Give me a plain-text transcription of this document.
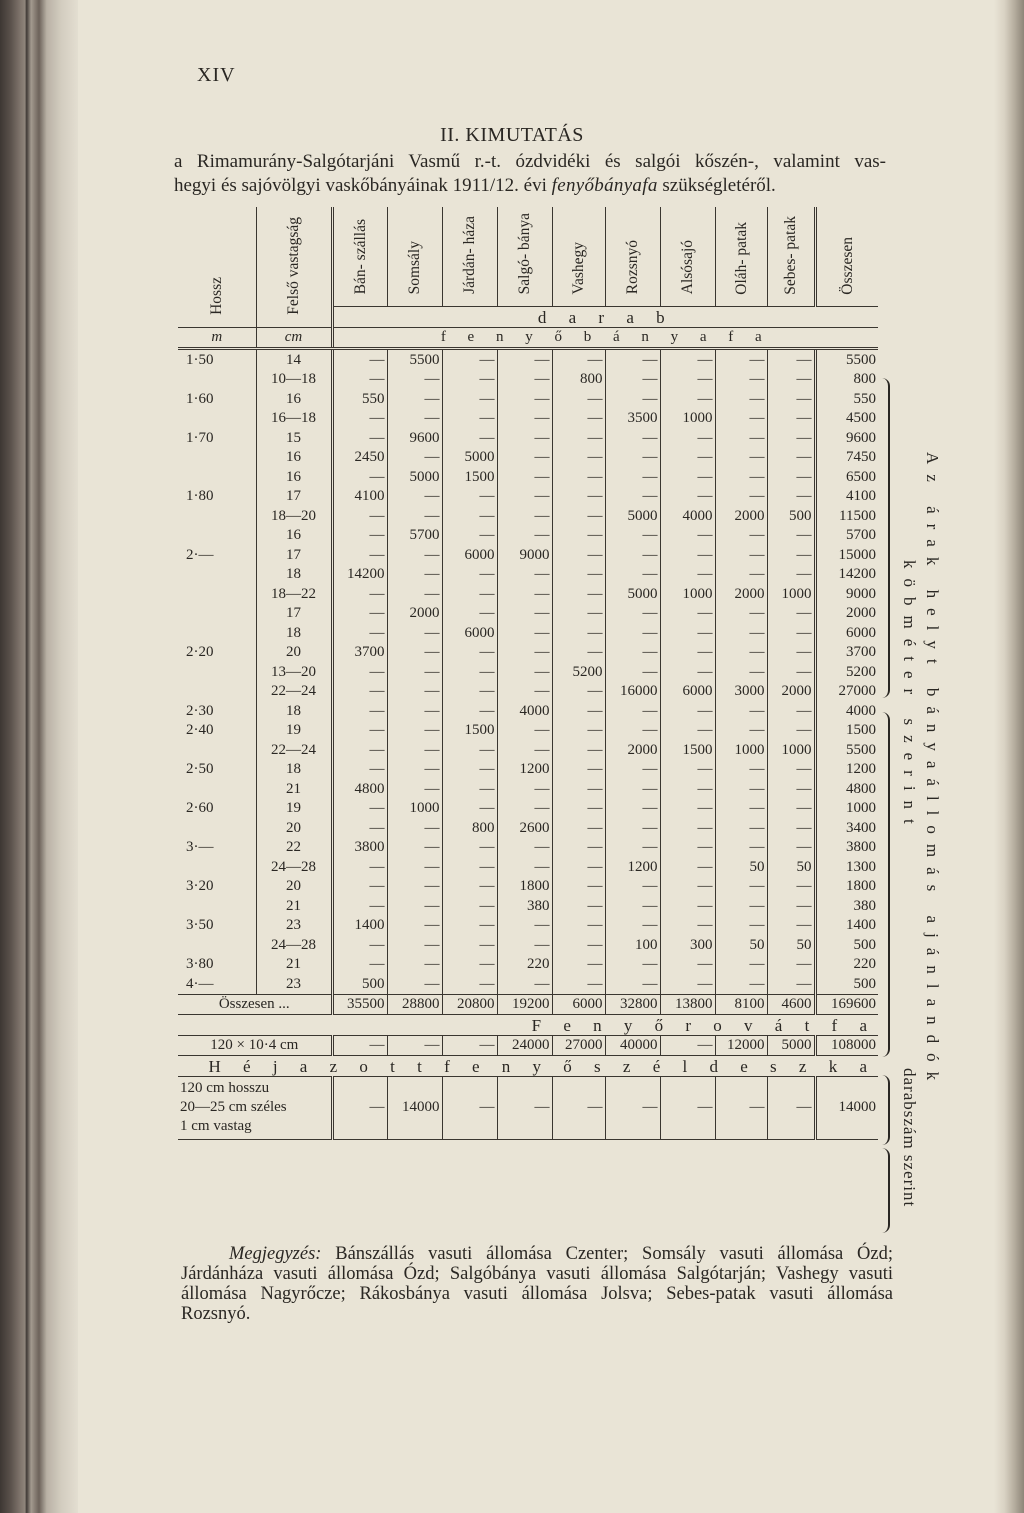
XIV
II. KIMUTATÁS
a Rimamurány-Salgótarjáni Vasmű r.-t. ózdvidéki és salgói kőszén-, valamint vas-
hegyi és sajóvölgyi vaskőbányáinak 1911/12. évi fenyőbányafa szükségletéről.
Hossz	Felső vastagság	Bán- szállás	Somsály	Járdán- háza	Salgó- bánya	Vashegy	Rozsnyó	Alsósajó	Oláh- patak	Sebes- patak	Összesen
		d a r a b									
m	cm	f e n y ő b á n y a f a									
1·50	14	—	5500	—	—	—	—	—	—	—	5500
	10—18	—	—	—	—	800	—	—	—	—	800
1·60	16	550	—	—	—	—	—	—	—	—	550
	16—18	—	—	—	—	—	3500	1000	—	—	4500
1·70	15	—	9600	—	—	—	—	—	—	—	9600
	16	2450	—	5000	—	—	—	—	—	—	7450
	16	—	5000	1500	—	—	—	—	—	—	6500
1·80	17	4100	—	—	—	—	—	—	—	—	4100
	18—20	—	—	—	—	—	5000	4000	2000	500	11500
	16	—	5700	—	—	—	—	—	—	—	5700
2·—	17	—	—	6000	9000	—	—	—	—	—	15000
	18	14200	—	—	—	—	—	—	—	—	14200
	18—22	—	—	—	—	—	5000	1000	2000	1000	9000
	17	—	2000	—	—	—	—	—	—	—	2000
	18	—	—	6000	—	—	—	—	—	—	6000
2·20	20	3700	—	—	—	—	—	—	—	—	3700
	13—20	—	—	—	—	5200	—	—	—	—	5200
	22—24	—	—	—	—	—	16000	6000	3000	2000	27000
2·30	18	—	—	—	4000	—	—	—	—	—	4000
2·40	19	—	—	1500	—	—	—	—	—	—	1500
	22—24	—	—	—	—	—	2000	1500	1000	1000	5500
2·50	18	—	—	—	1200	—	—	—	—	—	1200
	21	4800	—	—	—	—	—	—	—	—	4800
2·60	19	—	1000	—	—	—	—	—	—	—	1000
	20	—	—	800	2600	—	—	—	—	—	3400
3·—	22	3800	—	—	—	—	—	—	—	—	3800
	24—28	—	—	—	—	—	1200	—	50	50	1300
3·20	20	—	—	—	1800	—	—	—	—	—	1800
	21	—	—	—	380	—	—	—	—	—	380
3·50	23	1400	—	—	—	—	—	—	—	—	1400
	24—28	—	—	—	—	—	100	300	50	50	500
3·80	21	—	—	—	220	—	—	—	—	—	220
4·—	23	500	—	—	—	—	—	—	—	—	500
Összesen ...		35500	28800	20800	19200	6000	32800	13800	8100	4600	169600
F e n y ő r o v á t f a											
120 × 10·4 cm		—	—	—	24000	27000	40000	—	12000	5000	108000
H é j a z o t t f e n y ő s z é l d e s z k a											

120 cm hosszu
20—25 cm széles
1 cm vastag		—	14000	—	—	—	—	—	—	—	14000
Az árak helyt bányaállomás ajánlandók
köbméter szerint
darabszám szerint
Megjegyzés: Bánszállás vasuti állomása Czenter; Somsály vasuti állomása Ózd; Járdánháza vasuti állomása Ózd; Salgóbánya vasuti állomása Salgótarján; Vashegy vasuti állomása Nagyrőcze; Rákosbánya vasuti állomása Jolsva; Sebes-patak vasuti állomása Rozsnyó.
